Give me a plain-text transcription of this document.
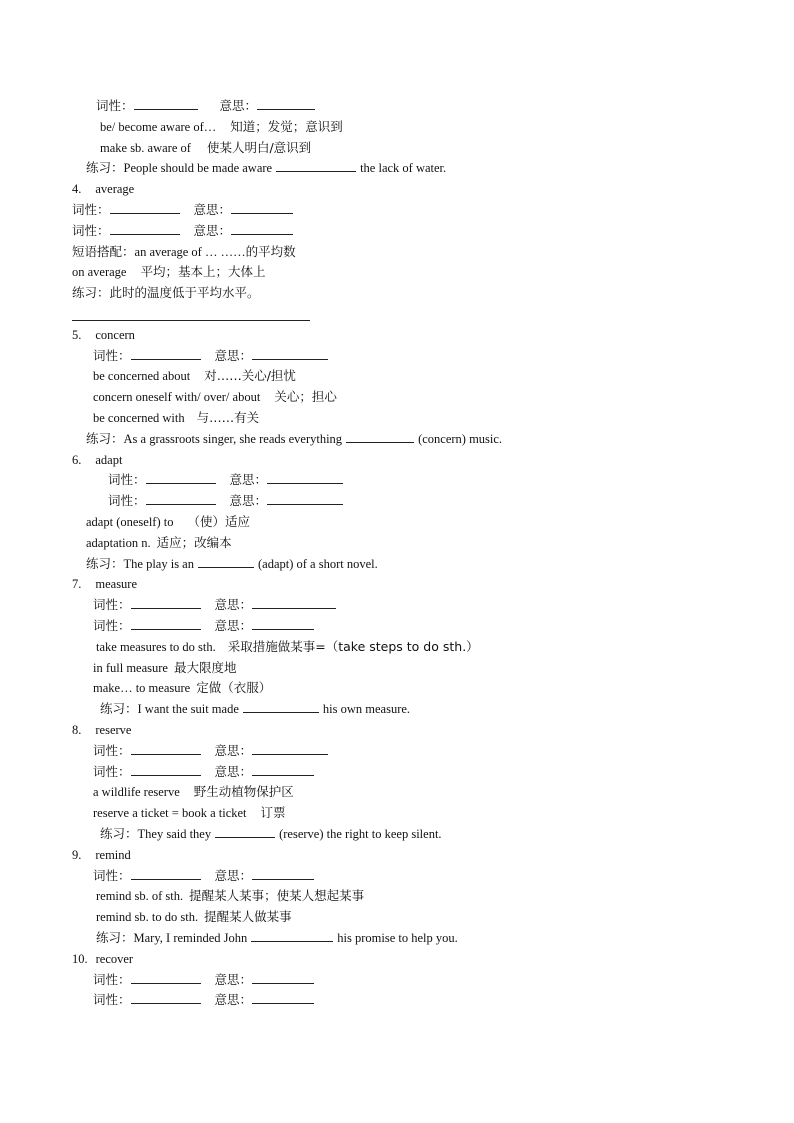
词性：	意思：
be/ become aware of… 知道；发觉；意识到
make sb. aware of 使某人明白/意识到
练习：People should be made aware	the lack of water.
4. average
词性：	意思：
词性：	意思：
短语搭配：an average of … ……的平均数
on average 平均；基本上；大体上
练习：此时的温度低于平均水平。
5. concern
词性：	意思：
be concerned about 对……关心/担忧
concern oneself with/ over/ about 关心；担心
be concerned with 与……有关
练习：As a grassroots singer, she reads everything	(concern) music.
6. adapt
词性：	意思：
词性：	意思：
adapt (oneself) to （使）适应
adaptation n. 适应；改编本
练习：The play is an	(adapt) of a short novel.
7. measure
词性：	意思：
词性：	意思：
take measures to do sth. 采取措施做某事=（take steps to do sth.）
in full measure 最大限度地
make… to measure 定做（衣服）
练习：I want the suit made	his own measure.
8. reserve
词性：	意思：
词性：	意思：
a wildlife reserve 野生动植物保护区
reserve a ticket = book a ticket 订票
练习：They said they	(reserve) the right to keep silent.
9. remind
词性：	意思：
remind sb. of sth. 提醒某人某事；使某人想起某事
remind sb. to do sth. 提醒某人做某事
练习：Mary, I reminded John	his promise to help you.
10. recover
词性：	意思：
词性：	意思：
